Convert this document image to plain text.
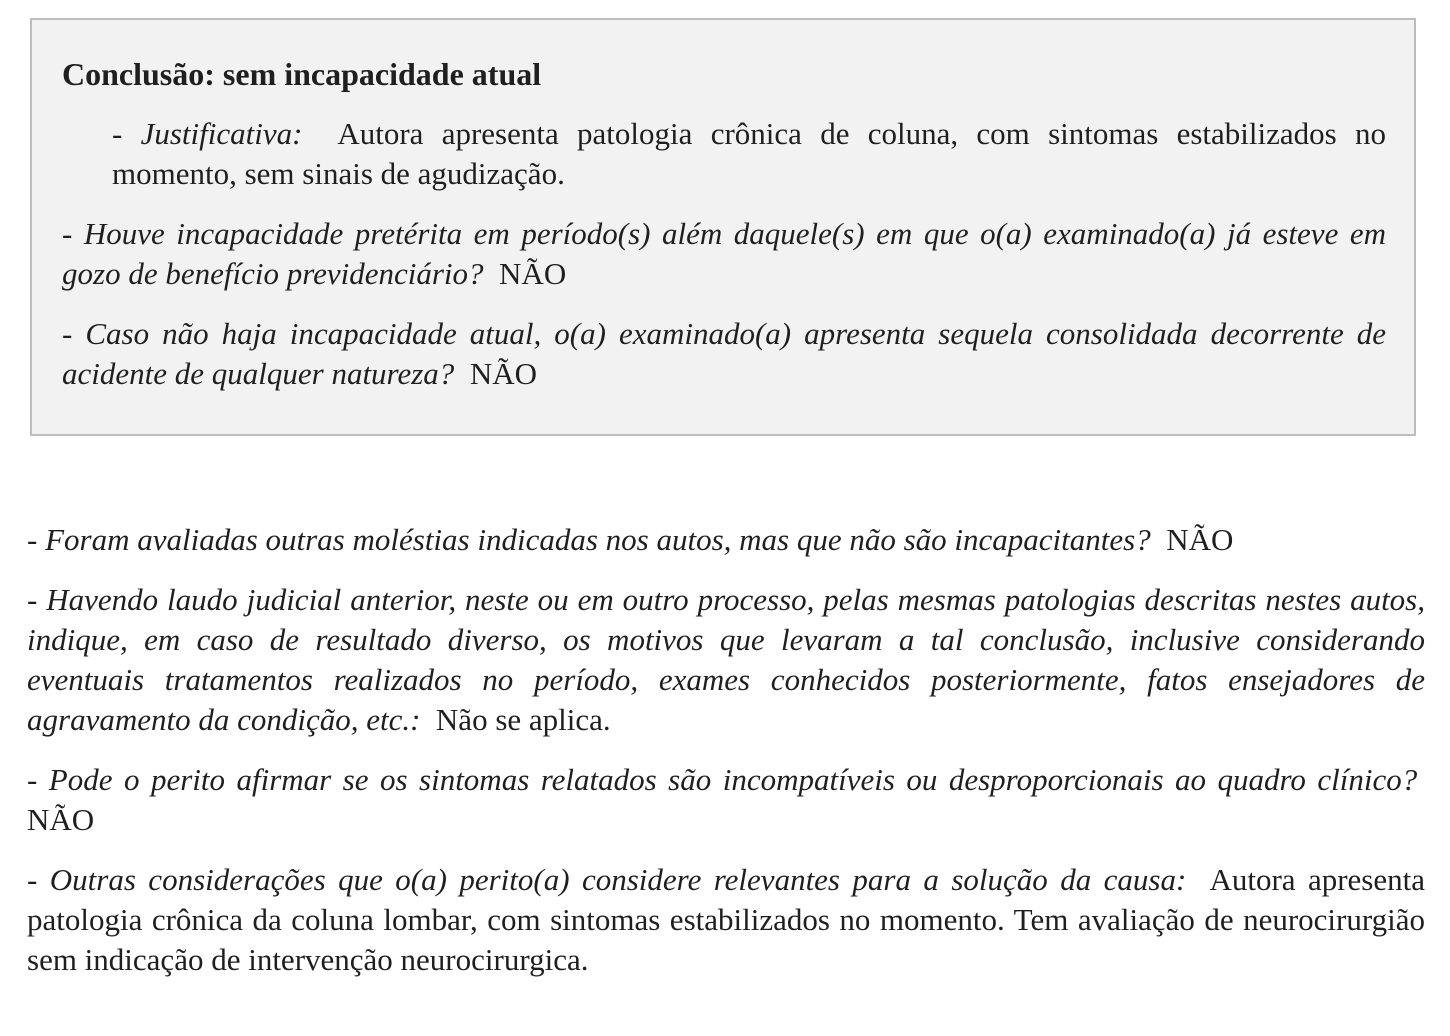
Conclusão: sem incapacidade atual
- Justificativa: Autora apresenta patologia crônica de coluna, com sintomas estabilizados no momento, sem sinais de agudização.
- Houve incapacidade pretérita em período(s) além daquele(s) em que o(a) examinado(a) já esteve em gozo de benefício previdenciário? NÃO
- Caso não haja incapacidade atual, o(a) examinado(a) apresenta sequela consolidada decorrente de acidente de qualquer natureza? NÃO
- Foram avaliadas outras moléstias indicadas nos autos, mas que não são incapacitantes? NÃO
- Havendo laudo judicial anterior, neste ou em outro processo, pelas mesmas patologias descritas nestes autos, indique, em caso de resultado diverso, os motivos que levaram a tal conclusão, inclusive considerando eventuais tratamentos realizados no período, exames conhecidos posteriormente, fatos ensejadores de agravamento da condição, etc.: Não se aplica.
- Pode o perito afirmar se os sintomas relatados são incompatíveis ou desproporcionais ao quadro clínico?  NÃO
- Outras considerações que o(a) perito(a) considere relevantes para a solução da causa: Autora apresenta patologia crônica da coluna lombar, com sintomas estabilizados no momento. Tem avaliação de neurocirurgião sem indicação de intervenção neurocirurgica.
